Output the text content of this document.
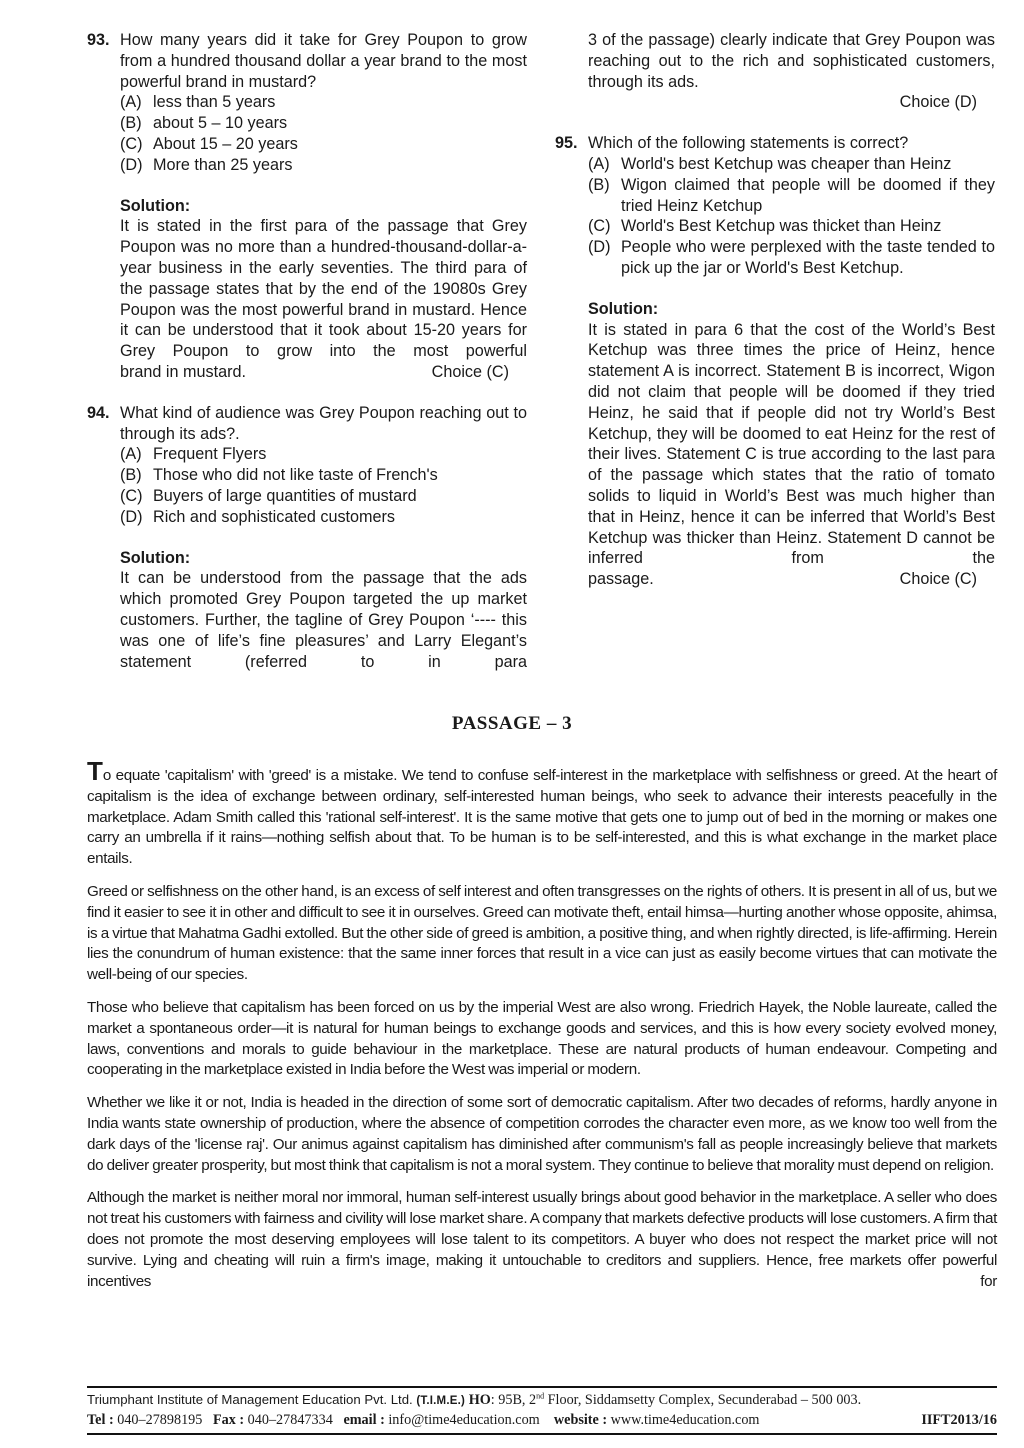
93. How many years did it take for Grey Poupon to grow from a hundred thousand dollar a year brand to the most powerful brand in mustard?
(A) less than 5 years
(B) about 5 – 10 years
(C) About 15 – 20 years
(D) More than 25 years
Solution:
It is stated in the first para of the passage that Grey Poupon was no more than a hundred-thousand-dollar-a-year business in the early seventies. The third para of the passage states that by the end of the 19080s Grey Poupon was the most powerful brand in mustard. Hence it can be understood that it took about 15-20 years for Grey Poupon to grow into the most powerful
brand in mustard.	Choice (C)
94. What kind of audience was Grey Poupon reaching out to through its ads?.
(A) Frequent Flyers
(B) Those who did not like taste of French's
(C) Buyers of large quantities of mustard
(D) Rich and sophisticated customers
Solution:
It can be understood from the passage that the ads which promoted Grey Poupon targeted the up market customers. Further, the tagline of Grey Poupon ‘---- this was one of life’s fine pleasures’ and Larry Elegant’s statement (referred to in para
3 of the passage) clearly indicate that Grey Poupon was reaching out to the rich and sophisticated customers, through its ads.
Choice (D)
95. Which of the following statements is correct?
(A) World's best Ketchup was cheaper than Heinz
(B) Wigon claimed that people will be doomed if they tried Heinz Ketchup
(C) World's Best Ketchup was thicket than Heinz
(D) People who were perplexed with the taste tended to pick up the jar or World's Best Ketchup.
Solution:
It is stated in para 6 that the cost of the World’s Best Ketchup was three times the price of Heinz, hence statement A is incorrect. Statement B is incorrect, Wigon did not claim that people will be doomed if they tried Heinz, he said that if people did not try World’s Best Ketchup, they will be doomed to eat Heinz for the rest of their lives. Statement C is true according to the last para of the passage which states that the ratio of tomato solids to liquid in World’s Best was much higher than that in Heinz, hence it can be inferred that World’s Best Ketchup was thicker than Heinz. Statement D cannot be inferred from the
passage.	Choice (C)
PASSAGE – 3

To equate 'capitalism' with 'greed' is a mistake. We tend to confuse self-interest in the marketplace with selfishness or greed. At the heart of capitalism is the idea of exchange between ordinary, self-interested human beings, who seek to advance their interests peacefully in the marketplace. Adam Smith called this 'rational self-interest'. It is the same motive that gets one to jump out of bed in the morning or makes one carry an umbrella if it rains—nothing selfish about that. To be human is to be self-interested, and this is what exchange in the market place entails.

Greed or selfishness on the other hand, is an excess of self interest and often transgresses on the rights of others. It is present in all of us, but we find it easier to see it in other and difficult to see it in ourselves. Greed can motivate theft, entail himsa—hurting another whose opposite, ahimsa, is a virtue that Mahatma Gadhi extolled. But the other side of greed is ambition, a positive thing, and when rightly directed, is life-affirming. Herein lies the conundrum of human existence: that the same inner forces that result in a vice can just as easily become virtues that can motivate the well-being of our species.

Those who believe that capitalism has been forced on us by the imperial West are also wrong. Friedrich Hayek, the Noble laureate, called the market a spontaneous order—it is natural for human beings to exchange goods and services, and this is how every society evolved money, laws, conventions and morals to guide behaviour in the marketplace. These are natural products of human endeavour. Competing and cooperating in the marketplace existed in India before the West was imperial or modern.

Whether we like it or not, India is headed in the direction of some sort of democratic capitalism. After two decades of reforms, hardly anyone in India wants state ownership of production, where the absence of competition corrodes the character even more, as we know too well from the dark days of the 'license raj'. Our animus against capitalism has diminished after communism's fall as people increasingly believe that markets do deliver greater prosperity, but most think that capitalism is not a moral system. They continue to believe that morality must depend on religion.

Although the market is neither moral nor immoral, human self-interest usually brings about good behavior in the marketplace. A seller who does not treat his customers with fairness and civility will lose market share. A company that markets defective products will lose customers. A firm that does not promote the most deserving employees will lose talent to its competitors. A buyer who does not respect the market price will not survive. Lying and cheating will ruin a firm's image, making it untouchable to creditors and suppliers. Hence, free markets offer powerful incentives for

Triumphant Institute of Management Education Pvt. Ltd. (T.I.M.E.) HO: 95B, 2nd Floor, Siddamsetty Complex, Secunderabad – 500 003.
Tel : 040–27898195 Fax : 040–27847334 email : info@time4education.com website : www.time4education.com	IIFT2013/16
